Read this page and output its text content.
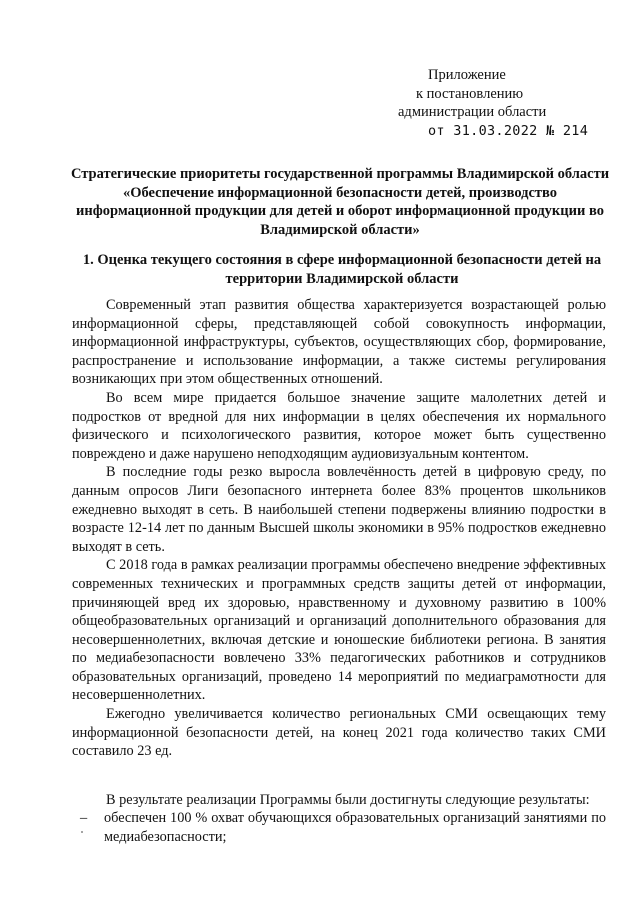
Приложение
к постановлению
администрации области
от 31.03.2022 № 214
Стратегические приоритеты государственной программы Владимирской области «Обеспечение информационной безопасности детей, производство информационной продукции для детей и оборот информационной продукции во Владимирской области»
1. Оценка текущего состояния в сфере информационной безопасности детей на территории Владимирской области

Современный этап развития общества характеризуется возрастающей ролью информационной сферы, представляющей собой совокупность информации, информационной инфраструктуры, субъектов, осуществляющих сбор, формирование, распространение и использование информации, а также системы регулирования возникающих при этом общественных отношений.

Во всем мире придается большое значение защите малолетних детей и подростков от вредной для них информации в целях обеспечения их нормального физического и психологического развития, которое может быть существенно повреждено и даже нарушено неподходящим аудиовизуальным контентом.

В последние годы резко выросла вовлечённость детей в цифровую среду, по данным опросов Лиги безопасного интернета более 83% процентов школьников ежедневно выходят в сеть. В наибольшей степени подвержены влиянию подростки в возрасте 12-14 лет по данным Высшей школы экономики в 95% подростков ежедневно выходят в сеть.

С 2018 года в рамках реализации программы обеспечено внедрение эффективных современных технических и программных средств защиты детей от информации, причиняющей вред их здоровью, нравственному и духовному развитию в 100% общеобразовательных организаций и организаций дополнительного образования для несовершеннолетних, включая детские и юношеские библиотеки региона. В занятия по медиабезопасности вовлечено 33% педагогических работников и сотрудников образовательных организаций, проведено 14 мероприятий по медиаграмотности для несовершеннолетних.

Ежегодно увеличивается количество региональных СМИ освещающих тему информационной безопасности детей, на конец 2021 года количество таких СМИ составило 23 ед.

В результате реализации Программы были достигнуты следующие результаты:

– обеспечен 100 % охват обучающихся образовательных организаций занятиями по медиабезопасности;
